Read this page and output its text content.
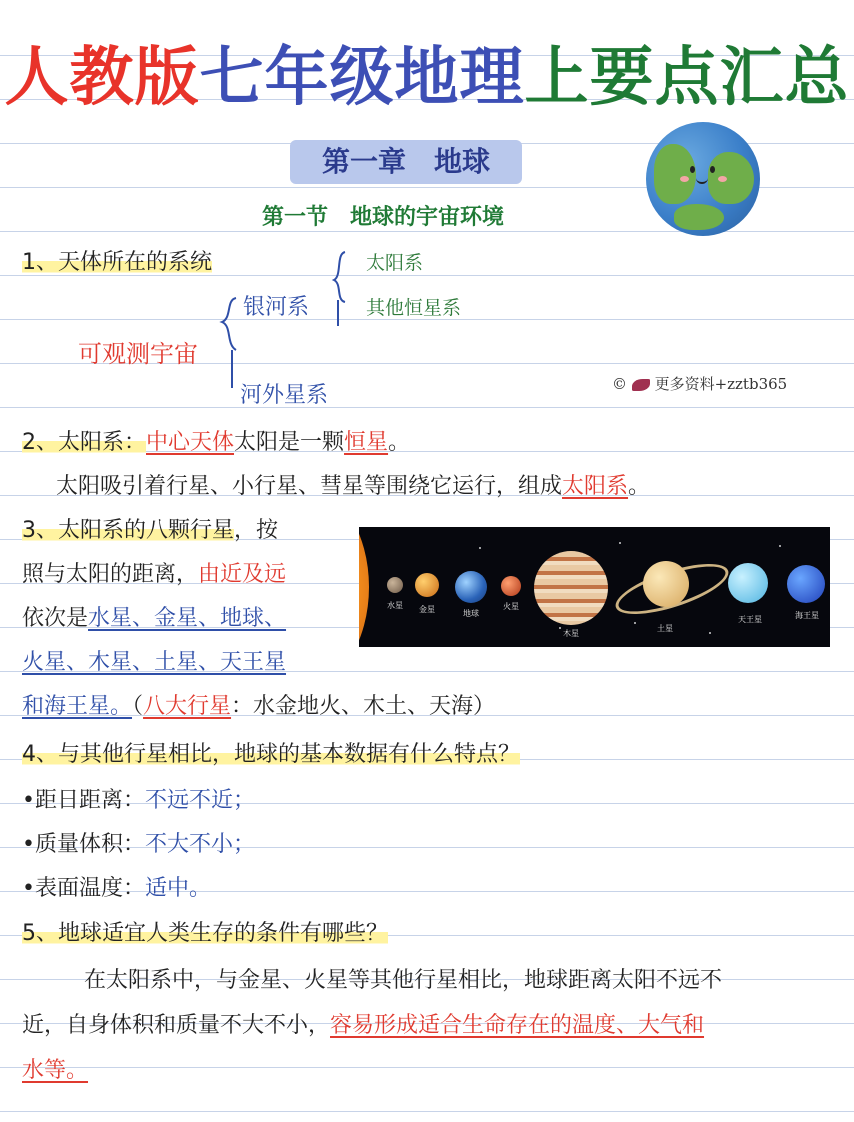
人教版七年级地理上要点汇总
第一章　地球
第一节　地球的宇宙环境
1、天体所在的系统
可观测宇宙
银河系
河外星系
太阳系
其他恒星系
© 更多资料+zztb365
2、太阳系：中心天体太阳是一颗恒星。
太阳吸引着行星、小行星、彗星等围绕它运行，组成太阳系。
3、太阳系的八颗行星，按
照与太阳的距离，由近及远
依次是水星、金星、地球、
火星、木星、土星、天王星
和海王星。（八大行星：水金地火、木土、天海）
水星	金星	地球
火星
木星
土星
天王星	海王星
4、与其他行星相比，地球的基本数据有什么特点？
•距日距离：不远不近；
•质量体积：不大不小；
•表面温度：适中。
5、地球适宜人类生存的条件有哪些？
在太阳系中，与金星、火星等其他行星相比，地球距离太阳不远不
近，自身体积和质量不大不小，容易形成适合生命存在的温度、大气和
水等。
